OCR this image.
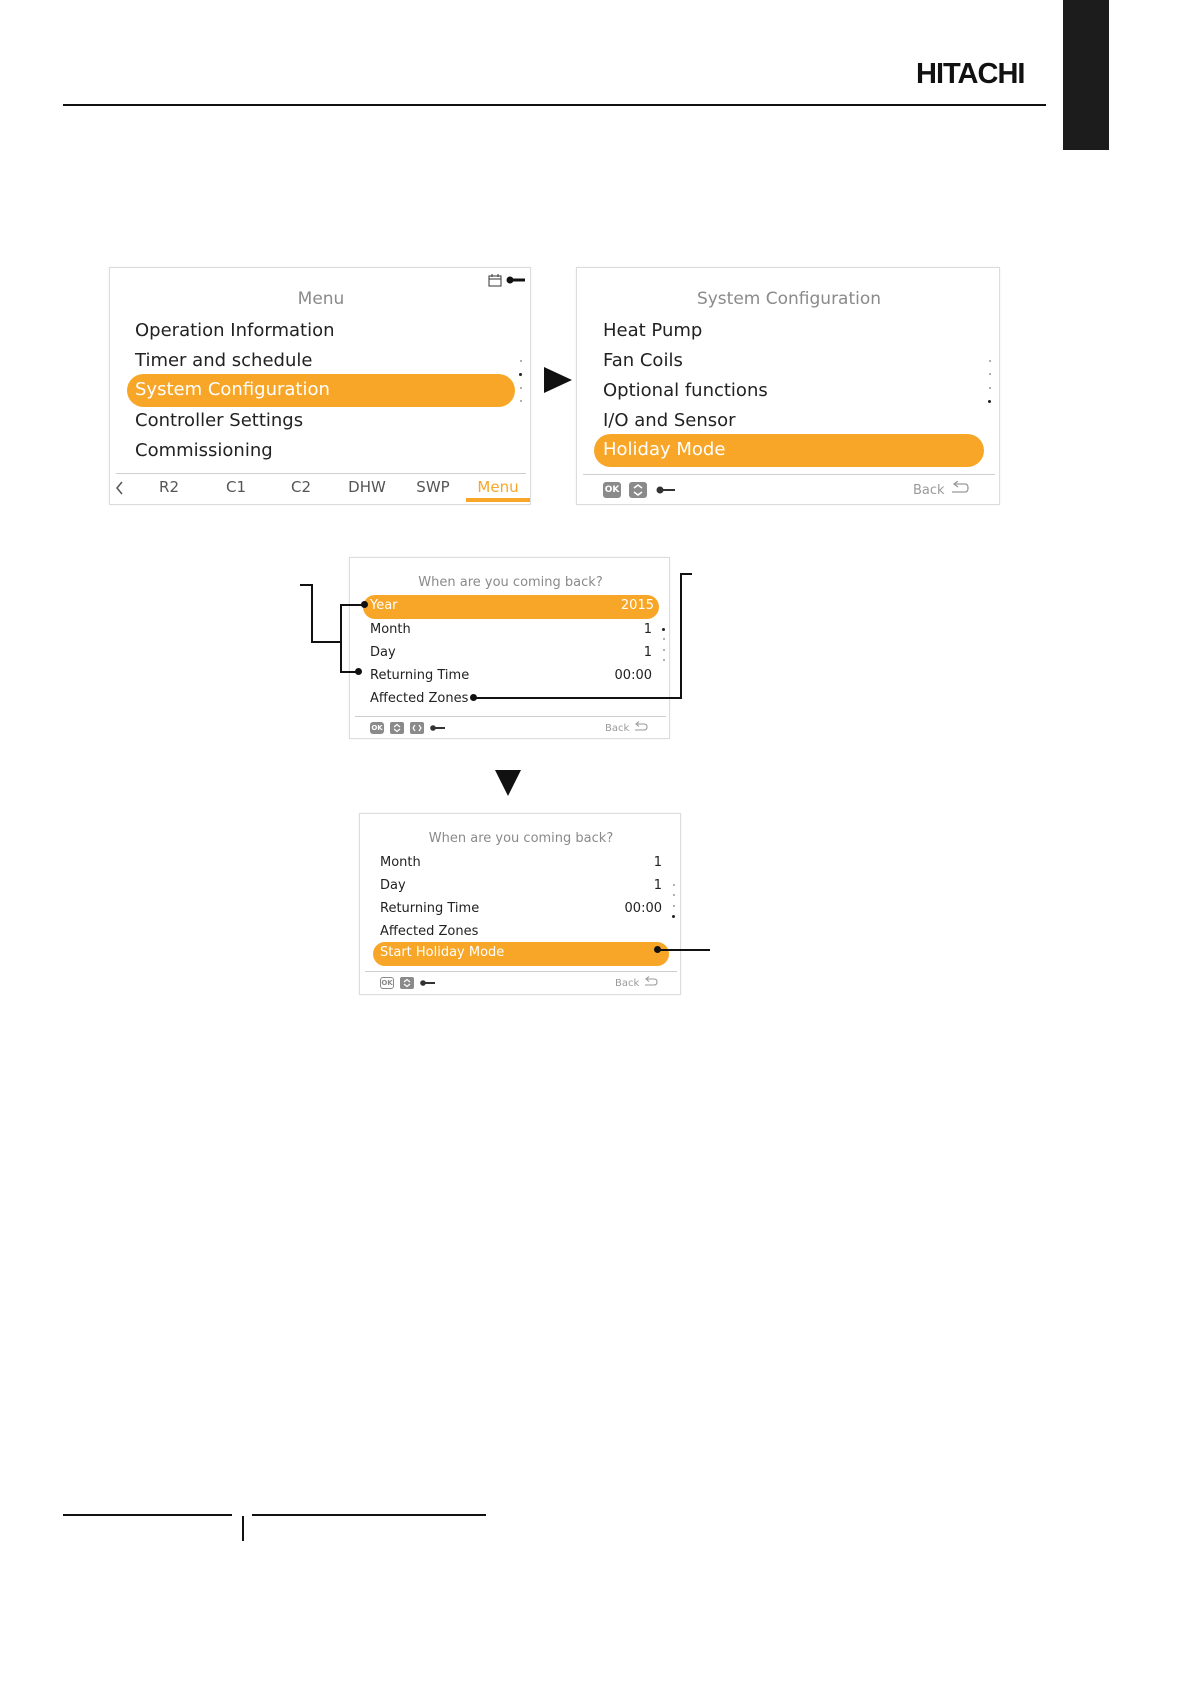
HITACHI
Menu
Operation Information
Timer and schedule
System Configuration
Controller Settings
Commissioning
R2	C1	C2	DHW	SWP	Menu
System Configuration
Heat Pump
Fan Coils
Optional functions
I/O and Sensor
Holiday Mode
OK	Back
When are you coming back?
Year	2015
Month	1
Day	1
Returning Time	00:00
Affected Zones
OK	Back
When are you coming back?
Month	1
Day	1
Returning Time	00:00
Affected Zones
Start Holiday Mode
OK	Back
